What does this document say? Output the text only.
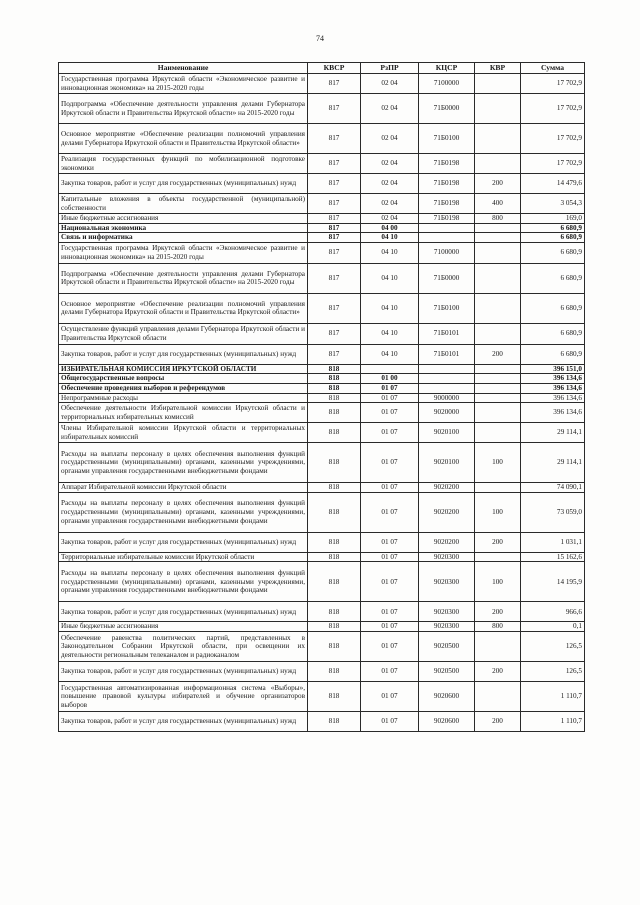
74
Наименование	КВСР	РзПР	КЦСР	КВР	Сумма
Государственная программа Иркутской области «Экономическое развитие и инновационная экономика» на 2015-2020 годы	817	02 04	7100000		17 702,9
Подпрограмма «Обеспечение деятельности управления делами Губернатора Иркутской области и Правительства Иркутской области» на 2015-2020 годы	817	02 04	71Б0000		17 702,9
Основное мероприятие «Обеспечение реализации полномочий управления делами Губернатора Иркутской области и Правительства Иркутской области»	817	02 04	71Б0100		17 702,9
Реализация государственных функций по мобилизационной подготовке экономики	817	02 04	71Б0198		17 702,9
Закупка товаров, работ и услуг для государственных (муниципальных) нужд	817	02 04	71Б0198	200	14 479,6
Капитальные вложения в объекты государственной (муниципальной) собственности	817	02 04	71Б0198	400	3 054,3
Иные бюджетные ассигнования	817	02 04	71Б0198	800	169,0
Национальная экономика	817	04 00			6 680,9
Связь и информатика	817	04 10			6 680,9
Государственная программа Иркутской области «Экономическое развитие и инновационная экономика» на 2015-2020 годы	817	04 10	7100000		6 680,9
Подпрограмма «Обеспечение деятельности управления делами Губернатора Иркутской области и Правительства Иркутской области» на 2015-2020 годы	817	04 10	71Б0000		6 680,9
Основное мероприятие «Обеспечение реализации полномочий управления делами Губернатора Иркутской области и Правительства Иркутской области»	817	04 10	71Б0100		6 680,9
Осуществление функций управления делами Губернатора Иркутской области и Правительства Иркутской области	817	04 10	71Б0101		6 680,9
Закупка товаров, работ и услуг для государственных (муниципальных) нужд	817	04 10	71Б0101	200	6 680,9
ИЗБИРАТЕЛЬНАЯ КОМИССИЯ ИРКУТСКОЙ ОБЛАСТИ	818				396 151,0
Общегосударственные вопросы	818	01 00			396 134,6
Обеспечение проведения выборов и референдумов	818	01 07			396 134,6
Непрограммные расходы	818	01 07	9000000		396 134,6
Обеспечение деятельности Избирательной комиссии Иркутской области и территориальных избирательных комиссий	818	01 07	9020000		396 134,6
Члены Избирательной комиссии Иркутской области и территориальных избирательных комиссий	818	01 07	9020100		29 114,1
Расходы на выплаты персоналу в целях обеспечения выполнения функций государственными (муниципальными) органами, казенными учреждениями, органами управления государственными внебюджетными фондами	818	01 07	9020100	100	29 114,1
Аппарат Избирательной комиссии Иркутской области	818	01 07	9020200		74 090,1
Расходы на выплаты персоналу в целях обеспечения выполнения функций государственными (муниципальными) органами, казенными учреждениями, органами управления государственными внебюджетными фондами	818	01 07	9020200	100	73 059,0
Закупка товаров, работ и услуг для государственных (муниципальных) нужд	818	01 07	9020200	200	1 031,1
Территориальные избирательные комиссии Иркутской области	818	01 07	9020300		15 162,6
Расходы на выплаты персоналу в целях обеспечения выполнения функций государственными (муниципальными) органами, казенными учреждениями, органами управления государственными внебюджетными фондами	818	01 07	9020300	100	14 195,9
Закупка товаров, работ и услуг для государственных (муниципальных) нужд	818	01 07	9020300	200	966,6
Иные бюджетные ассигнования	818	01 07	9020300	800	0,1
Обеспечение равенства политических партий, представленных в Законодательном Собрании Иркутской области, при освещении их деятельности региональным телеканалом и радиоканалом	818	01 07	9020500		126,5
Закупка товаров, работ и услуг для государственных (муниципальных) нужд	818	01 07	9020500	200	126,5
Государственная автоматизированная информационная система «Выборы», повышение правовой культуры избирателей и обучение организаторов выборов	818	01 07	9020600		1 110,7
Закупка товаров, работ и услуг для государственных (муниципальных) нужд	818	01 07	9020600	200	1 110,7
